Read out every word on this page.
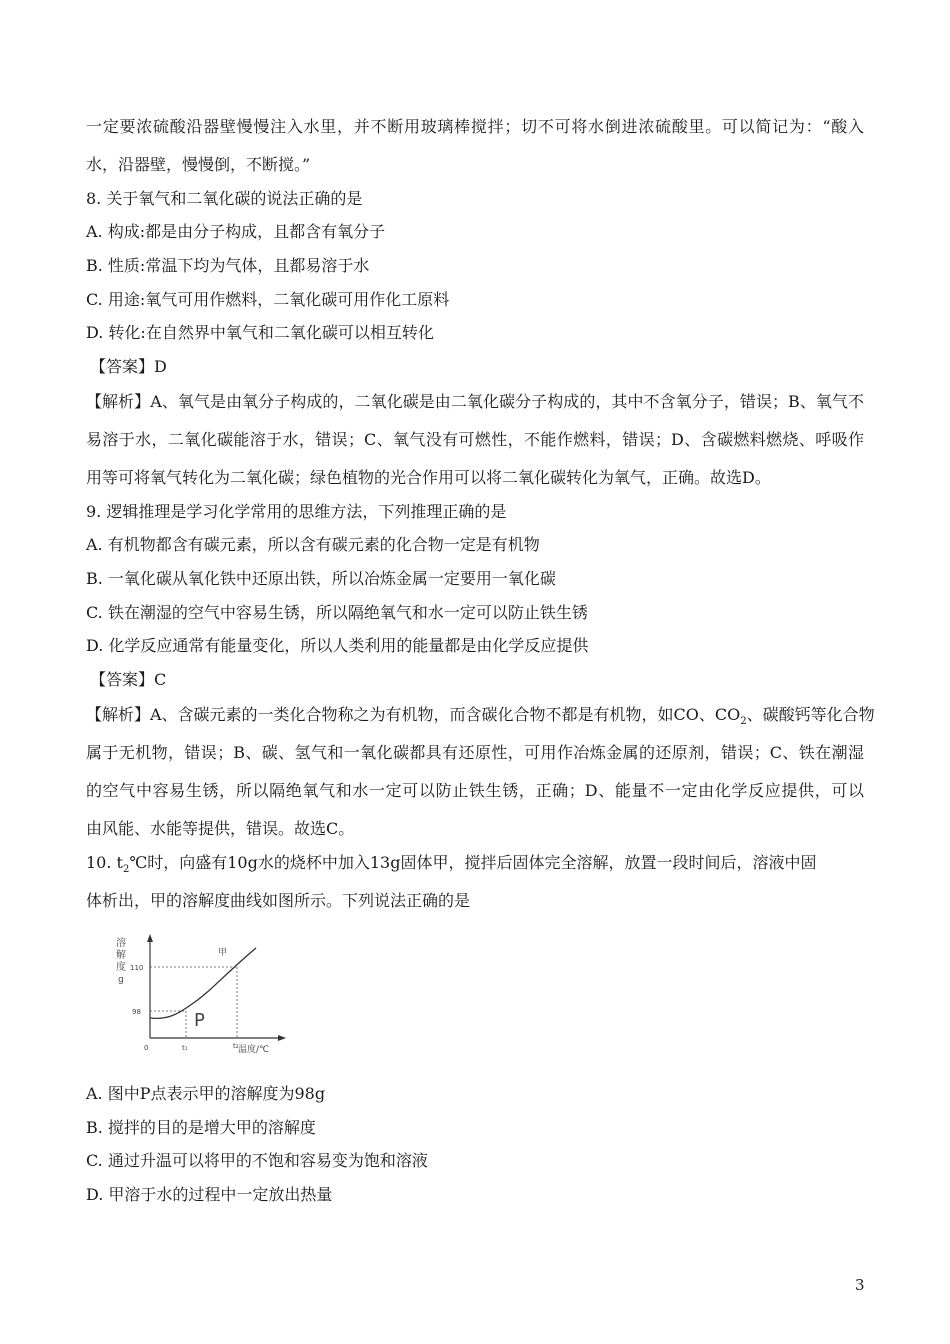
一定要浓硫酸沿器壁慢慢注入水里，并不断用玻璃棒搅拌；切不可将水倒进浓硫酸里。可以简记为：“酸入
水，沿器壁，慢慢倒，不断搅。”
8. 关于氧气和二氧化碳的说法正确的是
A. 构成:都是由分子构成，且都含有氧分子
B. 性质:常温下均为气体，且都易溶于水
C. 用途:氧气可用作燃料，二氧化碳可用作化工原料
D. 转化:在自然界中氧气和二氧化碳可以相互转化
【答案】D
【解析】A、氧气是由氧分子构成的，二氧化碳是由二氧化碳分子构成的，其中不含氧分子，错误；B、氧气不
易溶于水，二氧化碳能溶于水，错误；C、氧气没有可燃性，不能作燃料，错误；D、含碳燃料燃烧、呼吸作
用等可将氧气转化为二氧化碳；绿色植物的光合作用可以将二氧化碳转化为氧气，正确。故选D。
9. 逻辑推理是学习化学常用的思维方法，下列推理正确的是
A. 有机物都含有碳元素，所以含有碳元素的化合物一定是有机物
B. 一氧化碳从氧化铁中还原出铁，所以冶炼金属一定要用一氧化碳
C. 铁在潮湿的空气中容易生锈，所以隔绝氧气和水一定可以防止铁生锈
D. 化学反应通常有能量变化，所以人类利用的能量都是由化学反应提供
【答案】C
【解析】A、含碳元素的一类化合物称之为有机物，而含碳化合物不都是有机物，如CO、$CO_2$、碳酸钙等化合物
属于无机物，错误；B、碳、氢气和一氧化碳都具有还原性，可用作冶炼金属的还原剂，错误；C、铁在潮湿
的空气中容易生锈，所以隔绝氧气和水一定可以防止铁生锈，正确；D、能量不一定由化学反应提供，可以
由风能、水能等提供，错误。故选C。
10. $t_2℃$时，向盛有10g水的烧杯中加入13g固体甲，搅拌后固体完全溶解，放置一段时间后，溶液中固
体析出，甲的溶解度曲线如图所示。下列说法正确的是
溶
解
度
g
110
98
甲
P
0	t₁	t₂ 温度/℃
A. 图中P点表示甲的溶解度为98g
B. 搅拌的目的是增大甲的溶解度
C. 通过升温可以将甲的不饱和容易变为饱和溶液
D. 甲溶于水的过程中一定放出热量
3
